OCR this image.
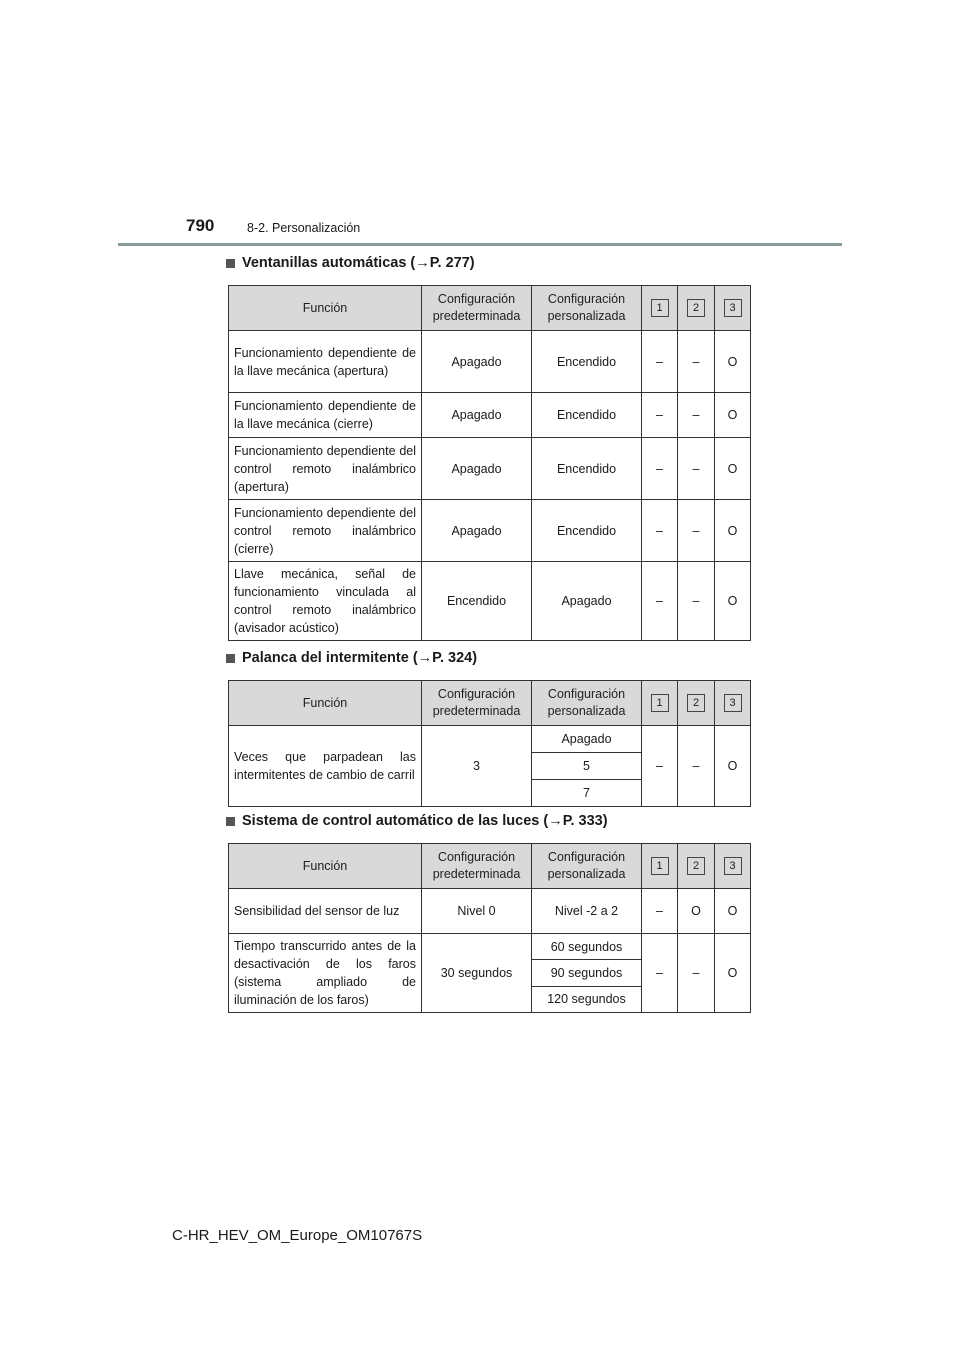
790	8-2. Personalización
Ventanillas automáticas (→P. 277)
Función	Configuración predeterminada	Configuración personalizada	1	2	3
Funcionamiento dependiente de la llave mecánica (apertura)	Apagado	Encendido	–	–	O
Funcionamiento dependiente de la llave mecánica (cierre)	Apagado	Encendido	–	–	O
Funcionamiento dependiente del control remoto inalámbrico (apertura)	Apagado	Encendido	–	–	O
Funcionamiento dependiente del control remoto inalámbrico (cierre)	Apagado	Encendido	–	–	O
Llave mecánica, señal de funcionamiento vinculada al control remoto inalámbrico (avisador acústico)	Encendido	Apagado	–	–	O
Palanca del intermitente (→P. 324)
Función	Configuración predeterminada	Configuración personalizada	1	2	3
Veces que parpadean las intermitentes de cambio de carril	3	Apagado	–	–	O
		5			
		7			
Sistema de control automático de las luces (→P. 333)
Función	Configuración predeterminada	Configuración personalizada	1	2	3
Sensibilidad del sensor de luz	Nivel 0	Nivel -2 a 2	–	O	O
Tiempo transcurrido antes de la desactivación de los faros (sistema ampliado de iluminación de los faros)	30 segundos	60 segundos	–	–	O
		90 segundos			
		120 segundos			
C-HR_HEV_OM_Europe_OM10767S
